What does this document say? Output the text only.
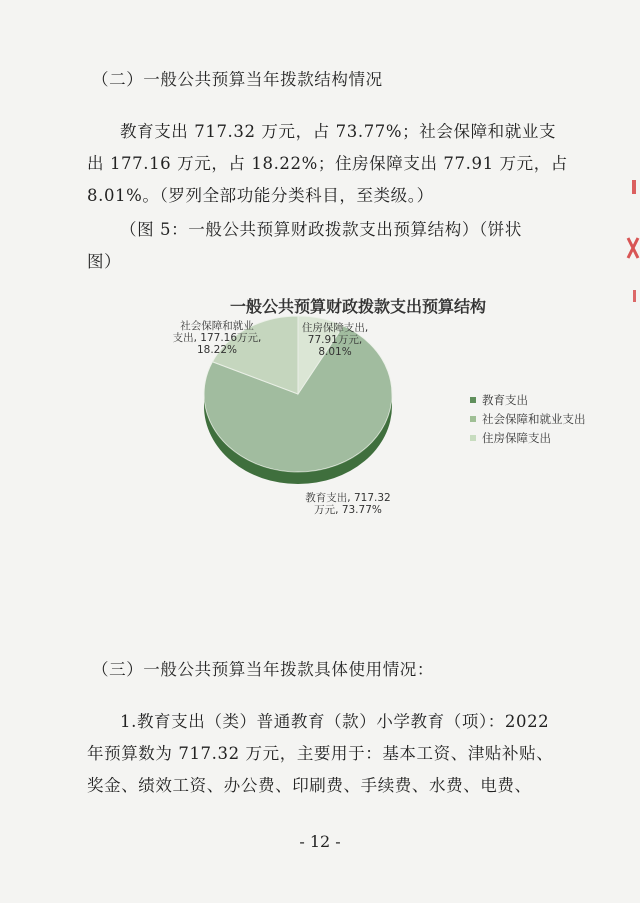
（二）一般公共预算当年拨款结构情况
教育支出 717.32 万元，占 73.77%；社会保障和就业支
出 177.16 万元，占 18.22%；住房保障支出 77.91 万元，占
8.01%。（罗列全部功能分类科目，至类级。）
（图 5：一般公共预算财政拨款支出预算结构）（饼状
图）
一般公共预算财政拨款支出预算结构
社会保障和就业
支出, 177.16万元,
18.22%
住房保障支出,
77.91万元,
8.01%
教育支出, 717.32
万元, 73.77%
教育支出
社会保障和就业支出
住房保障支出
（三）一般公共预算当年拨款具体使用情况：
1.教育支出（类）普通教育（款）小学教育（项）：2022
年预算数为 717.32 万元，主要用于：基本工资、津贴补贴、
奖金、绩效工资、办公费、印刷费、手续费、水费、电费、
- 12 -
